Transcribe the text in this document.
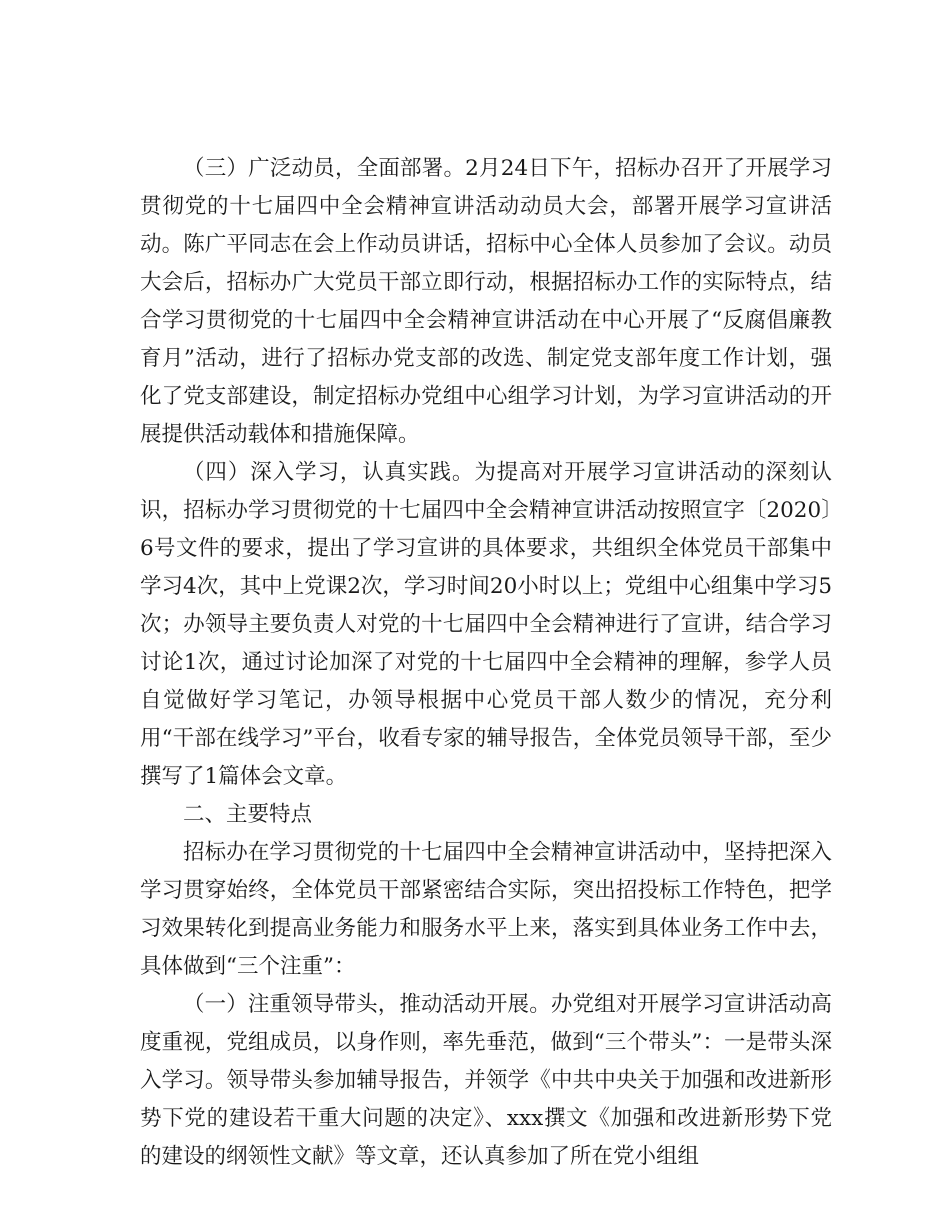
（三）广泛动员，全面部署。2月24日下午，招标办召开了开展学习贯彻党的十七届四中全会精神宣讲活动动员大会，部署开展学习宣讲活动。陈广平同志在会上作动员讲话，招标中心全体人员参加了会议。动员大会后，招标办广大党员干部立即行动，根据招标办工作的实际特点，结合学习贯彻党的十七届四中全会精神宣讲活动在中心开展了“反腐倡廉教育月”活动，进行了招标办党支部的改选、制定党支部年度工作计划，强化了党支部建设，制定招标办党组中心组学习计划，为学习宣讲活动的开展提供活动载体和措施保障。

（四）深入学习，认真实践。为提高对开展学习宣讲活动的深刻认识，招标办学习贯彻党的十七届四中全会精神宣讲活动按照宣字〔2020〕6号文件的要求，提出了学习宣讲的具体要求，共组织全体党员干部集中学习4次，其中上党课2次，学习时间20小时以上；党组中心组集中学习5次；办领导主要负责人对党的十七届四中全会精神进行了宣讲，结合学习讨论1次，通过讨论加深了对党的十七届四中全会精神的理解，参学人员自觉做好学习笔记，办领导根据中心党员干部人数少的情况，充分利用“干部在线学习”平台，收看专家的辅导报告，全体党员领导干部，至少撰写了1篇体会文章。

二、主要特点

招标办在学习贯彻党的十七届四中全会精神宣讲活动中，坚持把深入学习贯穿始终，全体党员干部紧密结合实际，突出招投标工作特色，把学习效果转化到提高业务能力和服务水平上来，落实到具体业务工作中去，具体做到“三个注重”：

（一）注重领导带头，推动活动开展。办党组对开展学习宣讲活动高度重视，党组成员，以身作则，率先垂范，做到“三个带头”：一是带头深入学习。领导带头参加辅导报告，并领学《中共中央关于加强和改进新形势下党的建设若干重大问题的决定》、xxx撰文《加强和改进新形势下党的建设的纲领性文献》等文章，还认真参加了所在党小组组
